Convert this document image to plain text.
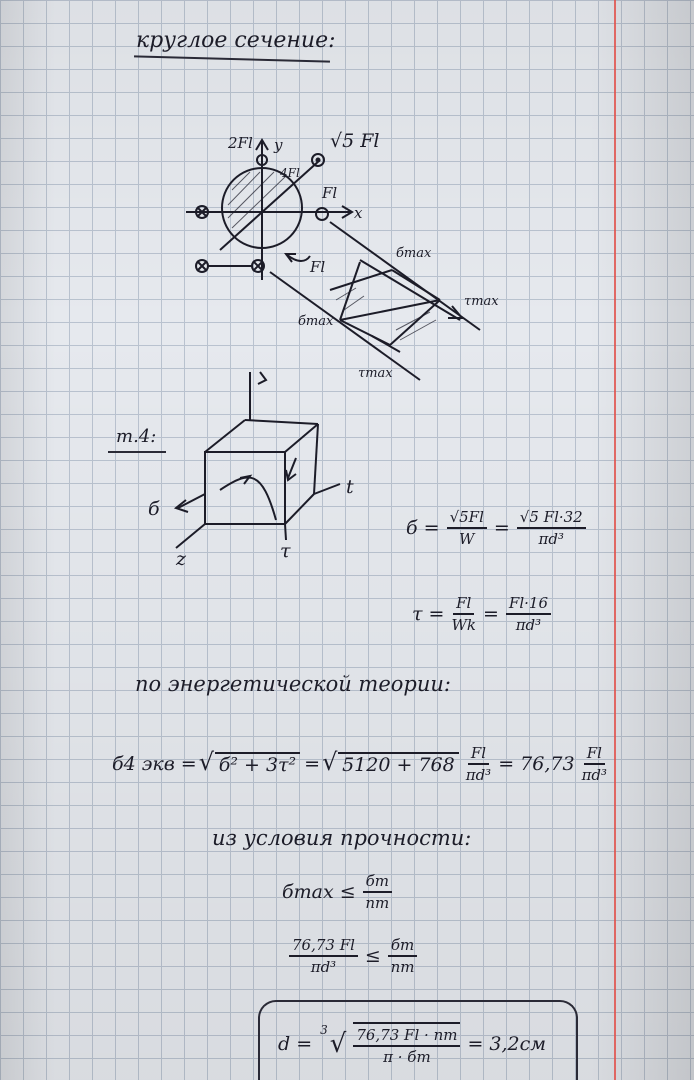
круглое сечение:
2Fl y	√5 Fl
4Fl
Fl
x
Fl
бmax
τmax
бmax
τmax
т.4:
б
t
z	τ
$б = \frac{√5Fl}{W} = \frac{√5 Fl\cdot 32}{\text{πd³}}$
$\tau = \frac{Fl}{Wk} = \frac{Fl\cdot 16}{\text{πd³}}$
по энергетической теории:
б4 экв = √ б² + 3τ² = √ $5120 + 768 \frac{Fl}{\text{πd³}} = 76,73 \frac{Fl}{\text{πd³}}$
из условия прочности:
$б\max \le \frac{бт}{nт}$
$\frac{76,73 Fl}{\text{πd³}} \le \frac{бт}{nт}$
d =
3 √ $\frac{76,73 Fl \cdot nт}{\pi \cdot бт} = 3,2см$
